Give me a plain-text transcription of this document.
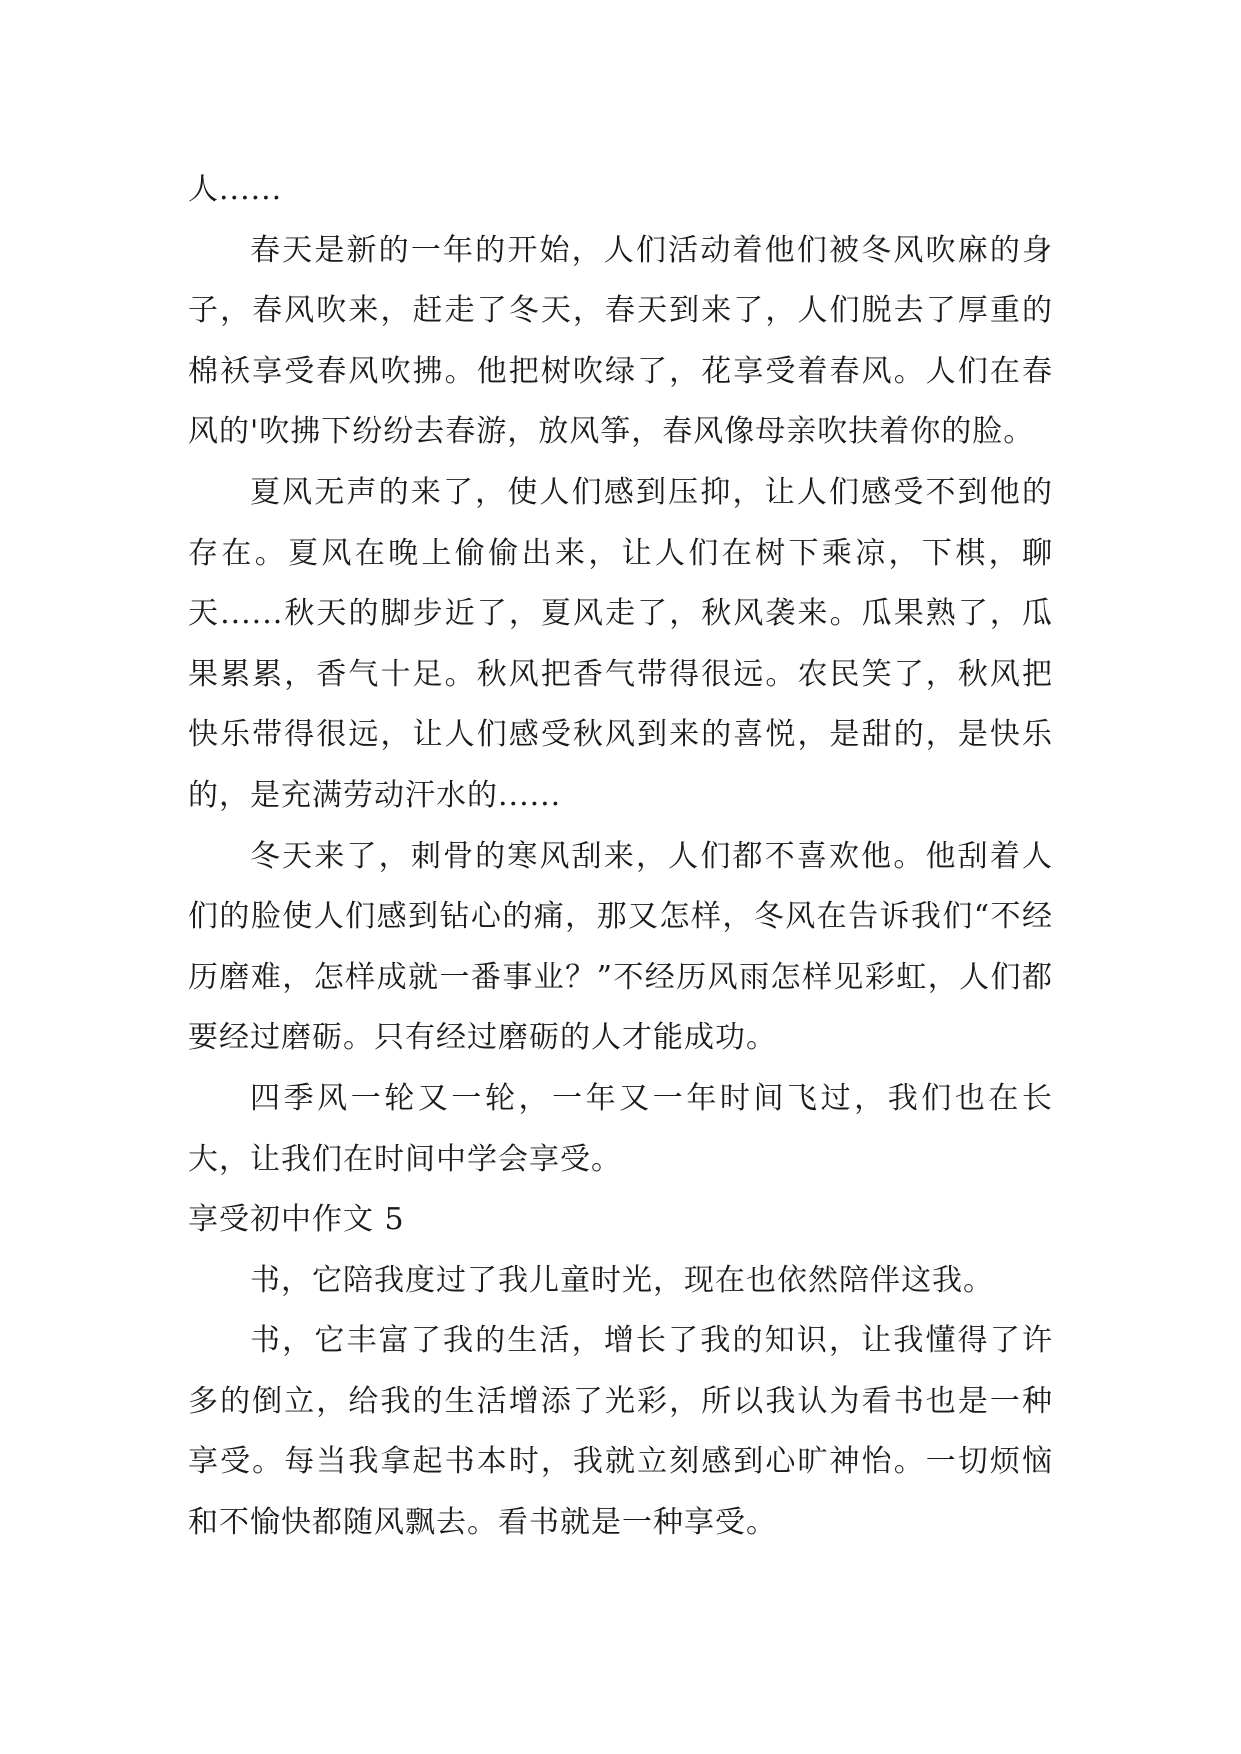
人......

春天是新的一年的开始，人们活动着他们被冬风吹麻的身子，春风吹来，赶走了冬天，春天到来了，人们脱去了厚重的棉袄享受春风吹拂。他把树吹绿了，花享受着春风。人们在春风的'吹拂下纷纷去春游，放风筝，春风像母亲吹扶着你的脸。

夏风无声的来了，使人们感到压抑，让人们感受不到他的存在。夏风在晚上偷偷出来，让人们在树下乘凉，下棋，聊天......秋天的脚步近了，夏风走了，秋风袭来。瓜果熟了，瓜果累累，香气十足。秋风把香气带得很远。农民笑了，秋风把快乐带得很远，让人们感受秋风到来的喜悦，是甜的，是快乐的，是充满劳动汗水的......

冬天来了，刺骨的寒风刮来，人们都不喜欢他。他刮着人们的脸使人们感到钻心的痛，那又怎样，冬风在告诉我们“不经历磨难，怎样成就一番事业？”不经历风雨怎样见彩虹，人们都要经过磨砺。只有经过磨砺的人才能成功。

四季风一轮又一轮，一年又一年时间飞过，我们也在长大，让我们在时间中学会享受。

享受初中作文 5

书，它陪我度过了我儿童时光，现在也依然陪伴这我。

书，它丰富了我的生活，增长了我的知识，让我懂得了许多的倒立，给我的生活增添了光彩，所以我认为看书也是一种享受。每当我拿起书本时，我就立刻感到心旷神怡。一切烦恼和不愉快都随风飘去。看书就是一种享受。
